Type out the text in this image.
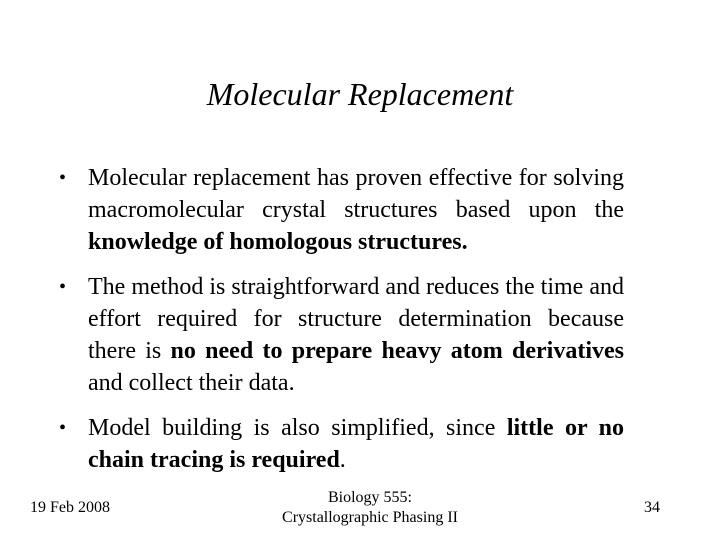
Molecular Replacement
• Molecular replacement has proven effective for solving macromolecular crystal structures based upon the knowledge of homologous structures.
• The method is straightforward and reduces the time and effort required for structure determination because there is no need to prepare heavy atom derivatives and collect their data.
• Model building is also simplified, since little or no chain tracing is required.
19 Feb 2008
Biology 555:
Crystallographic Phasing II
34
